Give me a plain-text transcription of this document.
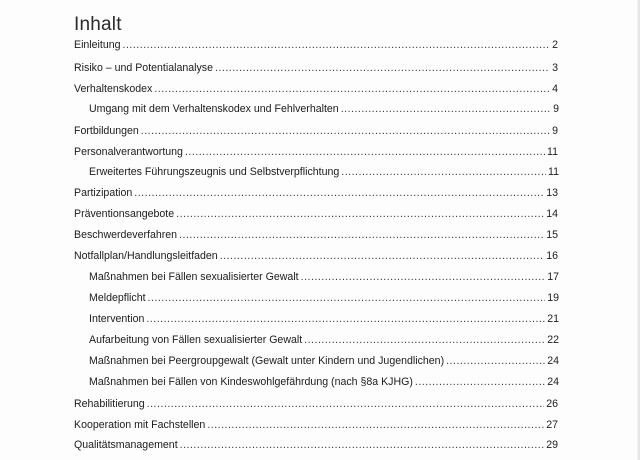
Inhalt
Einleitung .....	2
Risiko – und Potentialanalyse .....	3
Verhaltenskodex .....	4
Umgang mit dem Verhaltenskodex und Fehlverhalten .....	9
Fortbildungen .....	9
Personalverantwortung .....	11
Erweitertes Führungszeugnis und Selbstverpflichtung .....	11
Partizipation .....	13
Präventionsangebote .....	14
Beschwerdeverfahren .....	15
Notfallplan/Handlungsleitfaden .....	16
Maßnahmen bei Fällen sexualisierter Gewalt .....	17
Meldepflicht .....	19
Intervention .....	21
Aufarbeitung von Fällen sexualisierter Gewalt .....	22
Maßnahmen bei Peergroupgewalt (Gewalt unter Kindern und Jugendlichen) .....	24
Maßnahmen bei Fällen von Kindeswohlgefährdung (nach §8a KJHG) .....	24
Rehabilitierung .....	26
Kooperation mit Fachstellen .....	27
Qualitätsmanagement .....	29
